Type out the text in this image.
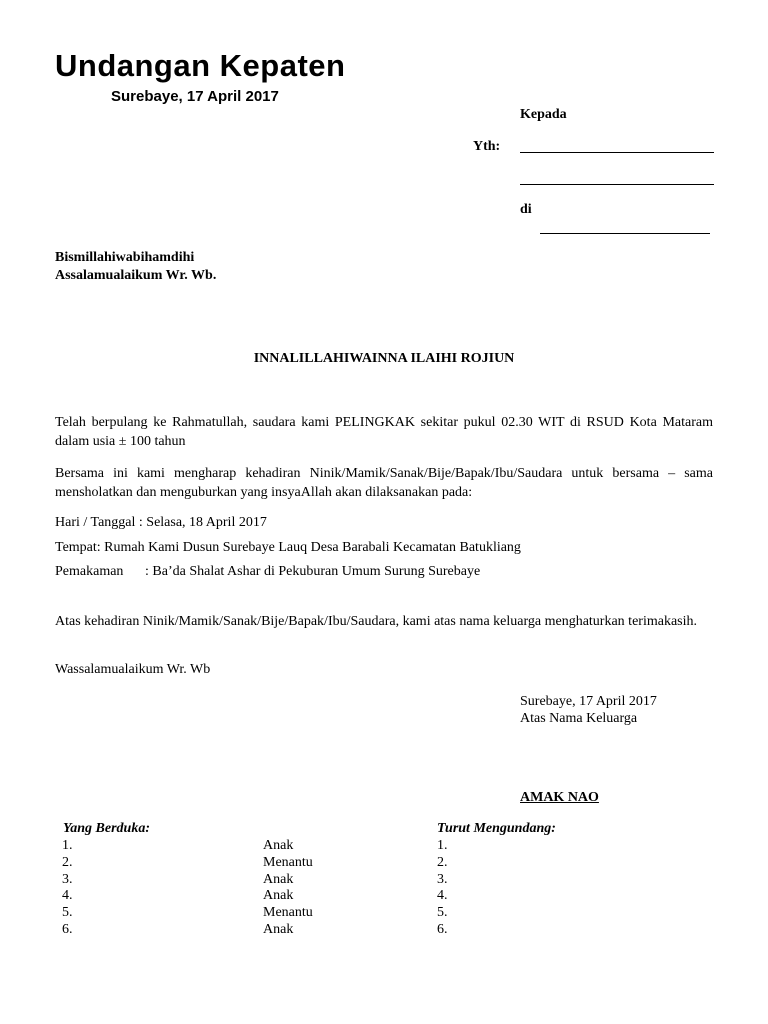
Undangan Kepaten
Surebaye, 17 April 2017
Kepada
Yth:
di
Bismillahiwabihamdihi
Assalamualaikum Wr. Wb.
INNALILLAHIWAINNA ILAIHI ROJIUN
Telah berpulang ke Rahmatullah, saudara kami PELINGKAK sekitar pukul 02.30 WIT di RSUD Kota Mataram dalam usia ± 100 tahun
Bersama ini kami mengharap kehadiran Ninik/Mamik/Sanak/Bije/Bapak/Ibu/Saudara untuk bersama – sama mensholatkan dan menguburkan yang insyaAllah akan dilaksanakan pada:
Hari / Tanggal : Selasa, 18 April 2017
Tempat: Rumah Kami Dusun Surebaye Lauq Desa Barabali Kecamatan Batukliang
Pemakaman : Ba’da Shalat Ashar di Pekuburan Umum Surung Surebaye
Atas kehadiran Ninik/Mamik/Sanak/Bije/Bapak/Ibu/Saudara, kami atas nama keluarga menghaturkan terimakasih.
Wassalamualaikum Wr. Wb
Surebaye, 17 April 2017
Atas Nama Keluarga
AMAK NAO
Yang Berduka:
1.
2.
3.
4.
5.
6.
Anak
Menantu
Anak
Anak
Menantu
Anak
Turut Mengundang:
1.
2.
3.
4.
5.
6.
